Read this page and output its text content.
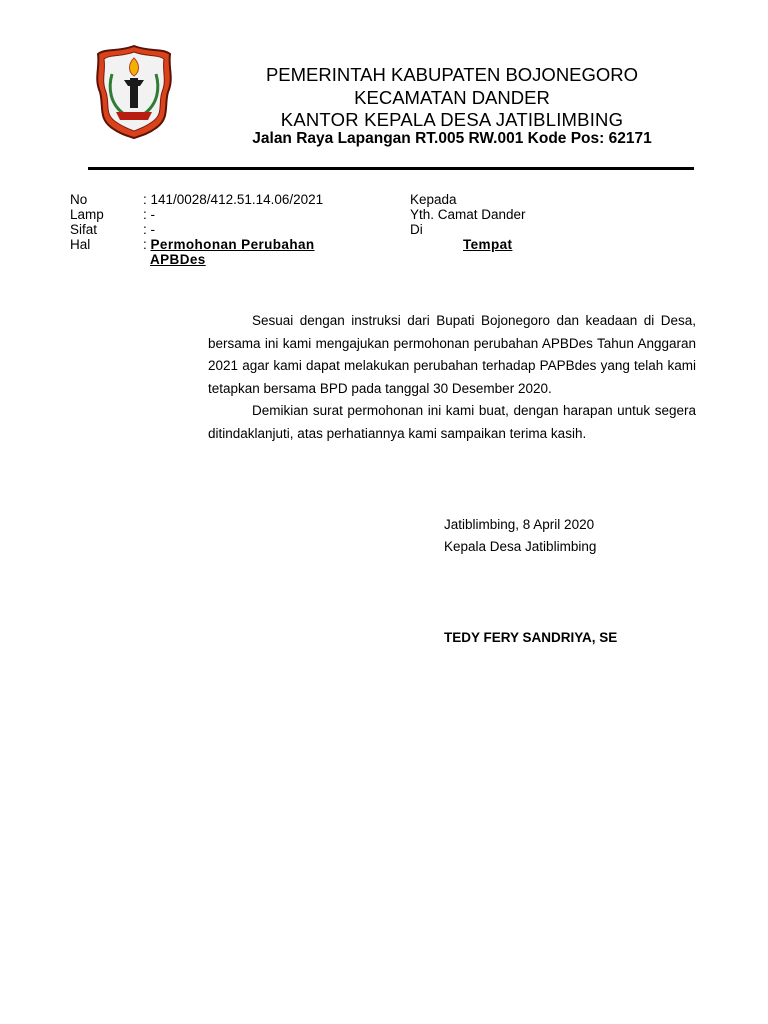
PEMERINTAH KABUPATEN BOJONEGORO
KECAMATAN DANDER
KANTOR KEPALA DESA JATIBLIMBING
Jalan Raya Lapangan RT.005 RW.001 Kode Pos: 62171
No	: 141/0028/412.51.14.06/2021
Lamp	: -
Sifat	: -
Hal	: Permohonan Perubahan
APBDes
Kepada
Yth. Camat Dander
Di
Tempat

Sesuai dengan instruksi dari Bupati Bojonegoro dan keadaan di Desa, bersama ini kami mengajukan permohonan perubahan APBDes Tahun Anggaran 2021 agar kami dapat melakukan perubahan terhadap PAPBdes yang telah kami tetapkan bersama BPD pada tanggal 30 Desember 2020.

Demikian surat permohonan ini kami buat, dengan harapan untuk segera ditindaklanjuti, atas perhatiannya kami sampaikan terima kasih.

Jatiblimbing, 8 April 2020
Kepala Desa Jatiblimbing
TEDY FERY SANDRIYA, SE
